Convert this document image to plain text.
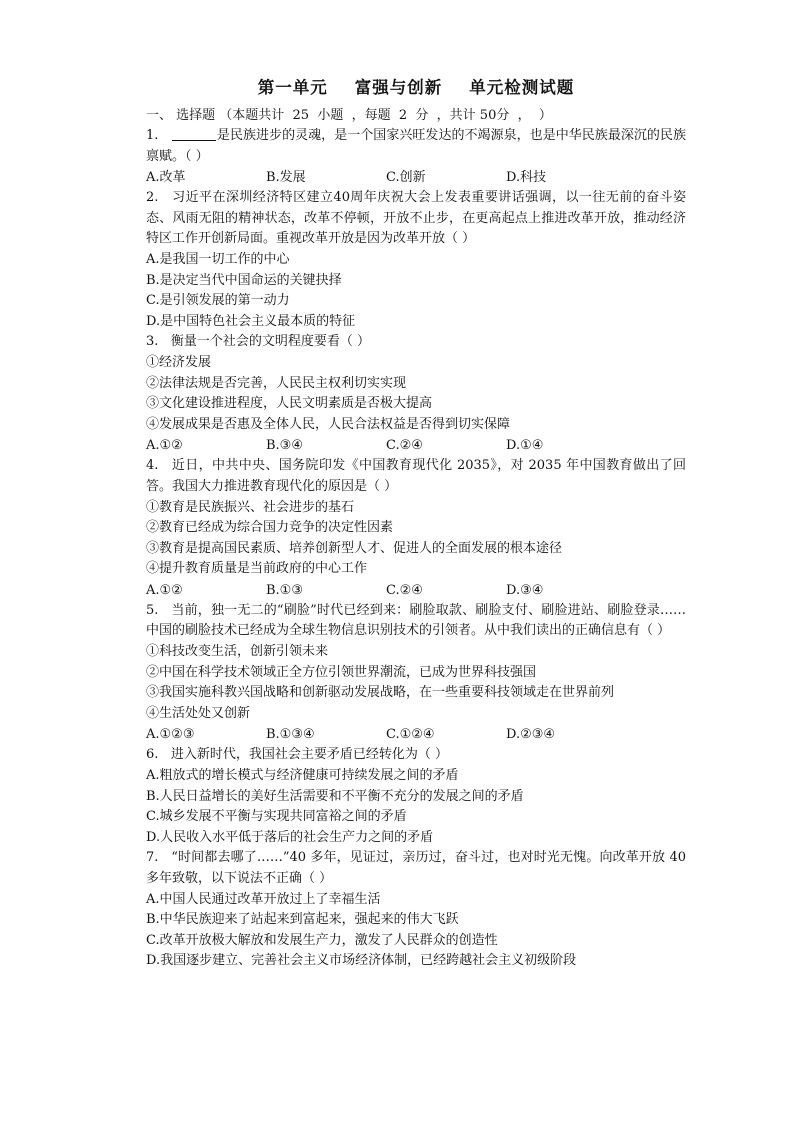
第一单元    富强与创新    单元检测试题
一、 选择题 （本题共计  25  小题  ，每题  2  分  ，共计 50分  ，  ）
1.	是民族进步的灵魂，是一个国家兴旺发达的不竭源泉，也是中华民族最深沉的民族禀赋。（ ）
A.改革	B.发展	C.创新	D.科技
2. 习近平在深圳经济特区建立40周年庆祝大会上发表重要讲话强调，以一往无前的奋斗姿态、风雨无阻的精神状态，改革不停顿，开放不止步，在更高起点上推进改革开放，推动经济特区工作开创新局面。重视改革开放是因为改革开放（ ）
A.是我国一切工作的中心
B.是决定当代中国命运的关键抉择
C.是引领发展的第一动力
D.是中国特色社会主义最本质的特征
3. 衡量一个社会的文明程度要看（ ）
①经济发展
②法律法规是否完善，人民民主权利切实实现
③文化建设推进程度，人民文明素质是否极大提高
④发展成果是否惠及全体人民，人民合法权益是否得到切实保障
A.①②	B.③④	C.②④	D.①④
4. 近日，中共中央、国务院印发《中国教育现代化 2035》，对 2035 年中国教育做出了回答。我国大力推进教育现代化的原因是（ ）
①教育是民族振兴、社会进步的基石
②教育已经成为综合国力竞争的决定性因素
③教育是提高国民素质、培养创新型人才、促进人的全面发展的根本途径
④提升教育质量是当前政府的中心工作
A.①②	B.①③	C.②④	D.③④
5. 当前，独一无二的“刷脸”时代已经到来：刷脸取款、刷脸支付、刷脸进站、刷脸登录……中国的刷脸技术已经成为全球生物信息识别技术的引领者。从中我们读出的正确信息有（ ）
①科技改变生活，创新引领未来
②中国在科学技术领域正全方位引领世界潮流，已成为世界科技强国
③我国实施科教兴国战略和创新驱动发展战略，在一些重要科技领域走在世界前列
④生活处处又创新
A.①②③	B.①③④	C.①②④	D.②③④
6. 进入新时代，我国社会主要矛盾已经转化为（ ）
A.粗放式的增长模式与经济健康可持续发展之间的矛盾
B.人民日益增长的美好生活需要和不平衡不充分的发展之间的矛盾
C.城乡发展不平衡与实现共同富裕之间的矛盾
D.人民收入水平低于落后的社会生产力之间的矛盾
7. “时间都去哪了……”40 多年，见证过，亲历过，奋斗过，也对时光无愧。向改革开放 40 多年致敬，以下说法不正确（ ）
A.中国人民通过改革开放过上了幸福生活
B.中华民族迎来了站起来到富起来，强起来的伟大飞跃
C.改革开放极大解放和发展生产力，激发了人民群众的创造性
D.我国逐步建立、完善社会主义市场经济体制，已经跨越社会主义初级阶段
